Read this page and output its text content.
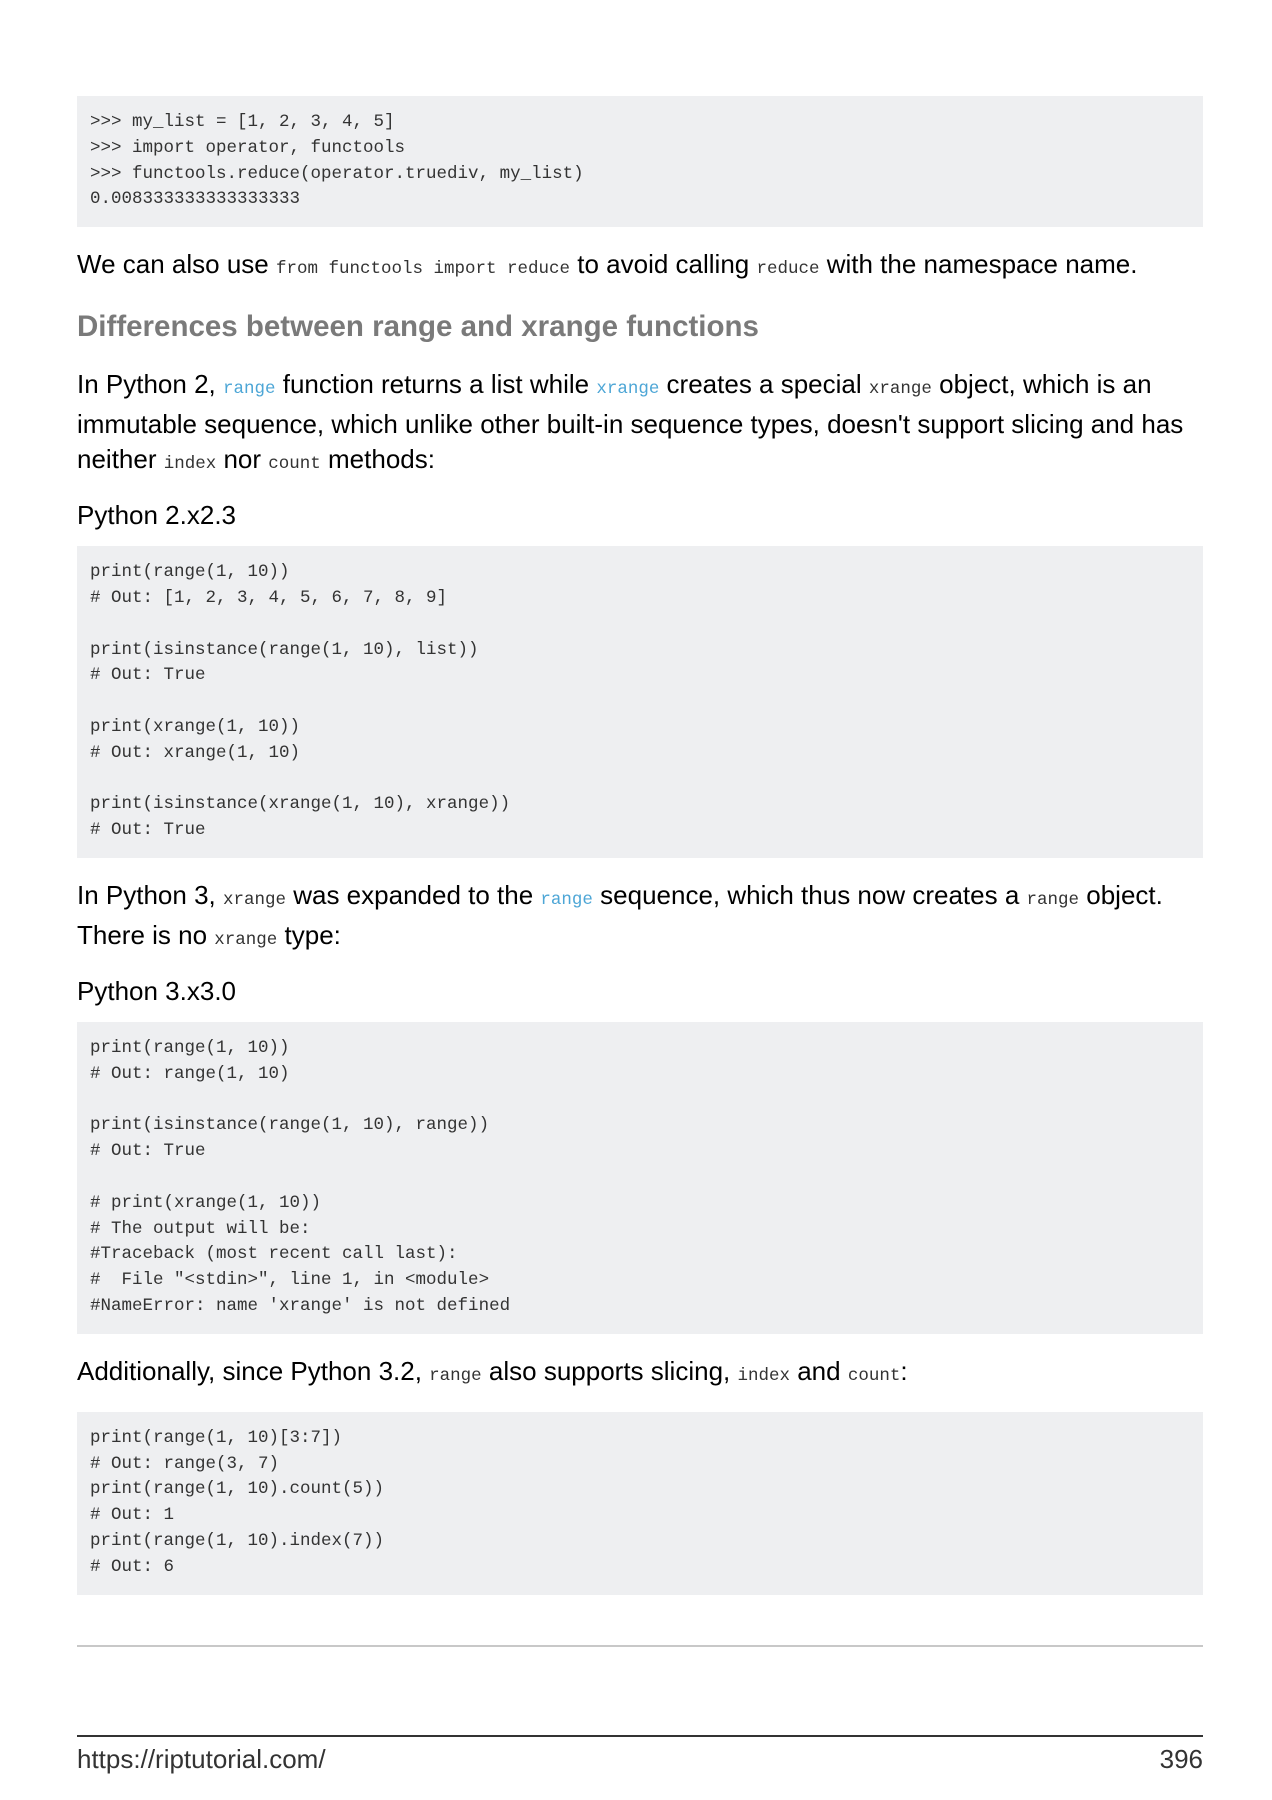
>>> my_list = [1, 2, 3, 4, 5]
>>> import operator, functools
>>> functools.reduce(operator.truediv, my_list)
0.008333333333333333

We can also use from functools import reduce to avoid calling reduce with the namespace name.

Differences between range and xrange functions

In Python 2, range function returns a list while xrange creates a special xrange object, which is an immutable sequence, which unlike other built-in sequence types, doesn't support slicing and has neither index nor count methods:

Python 2.x2.3
print(range(1, 10))
# Out: [1, 2, 3, 4, 5, 6, 7, 8, 9]

print(isinstance(range(1, 10), list))
# Out: True

print(xrange(1, 10))
# Out: xrange(1, 10)

print(isinstance(xrange(1, 10), xrange))
# Out: True

In Python 3, xrange was expanded to the range sequence, which thus now creates a range object. There is no xrange type:

Python 3.x3.0
print(range(1, 10))
# Out: range(1, 10)

print(isinstance(range(1, 10), range))
# Out: True

# print(xrange(1, 10))
# The output will be:
#Traceback (most recent call last):
#  File "<stdin>", line 1, in <module>
#NameError: name 'xrange' is not defined

Additionally, since Python 3.2, range also supports slicing, index and count:

print(range(1, 10)[3:7])
# Out: range(3, 7)
print(range(1, 10).count(5))
# Out: 1
print(range(1, 10).index(7))
# Out: 6
https://riptutorial.com/	396
